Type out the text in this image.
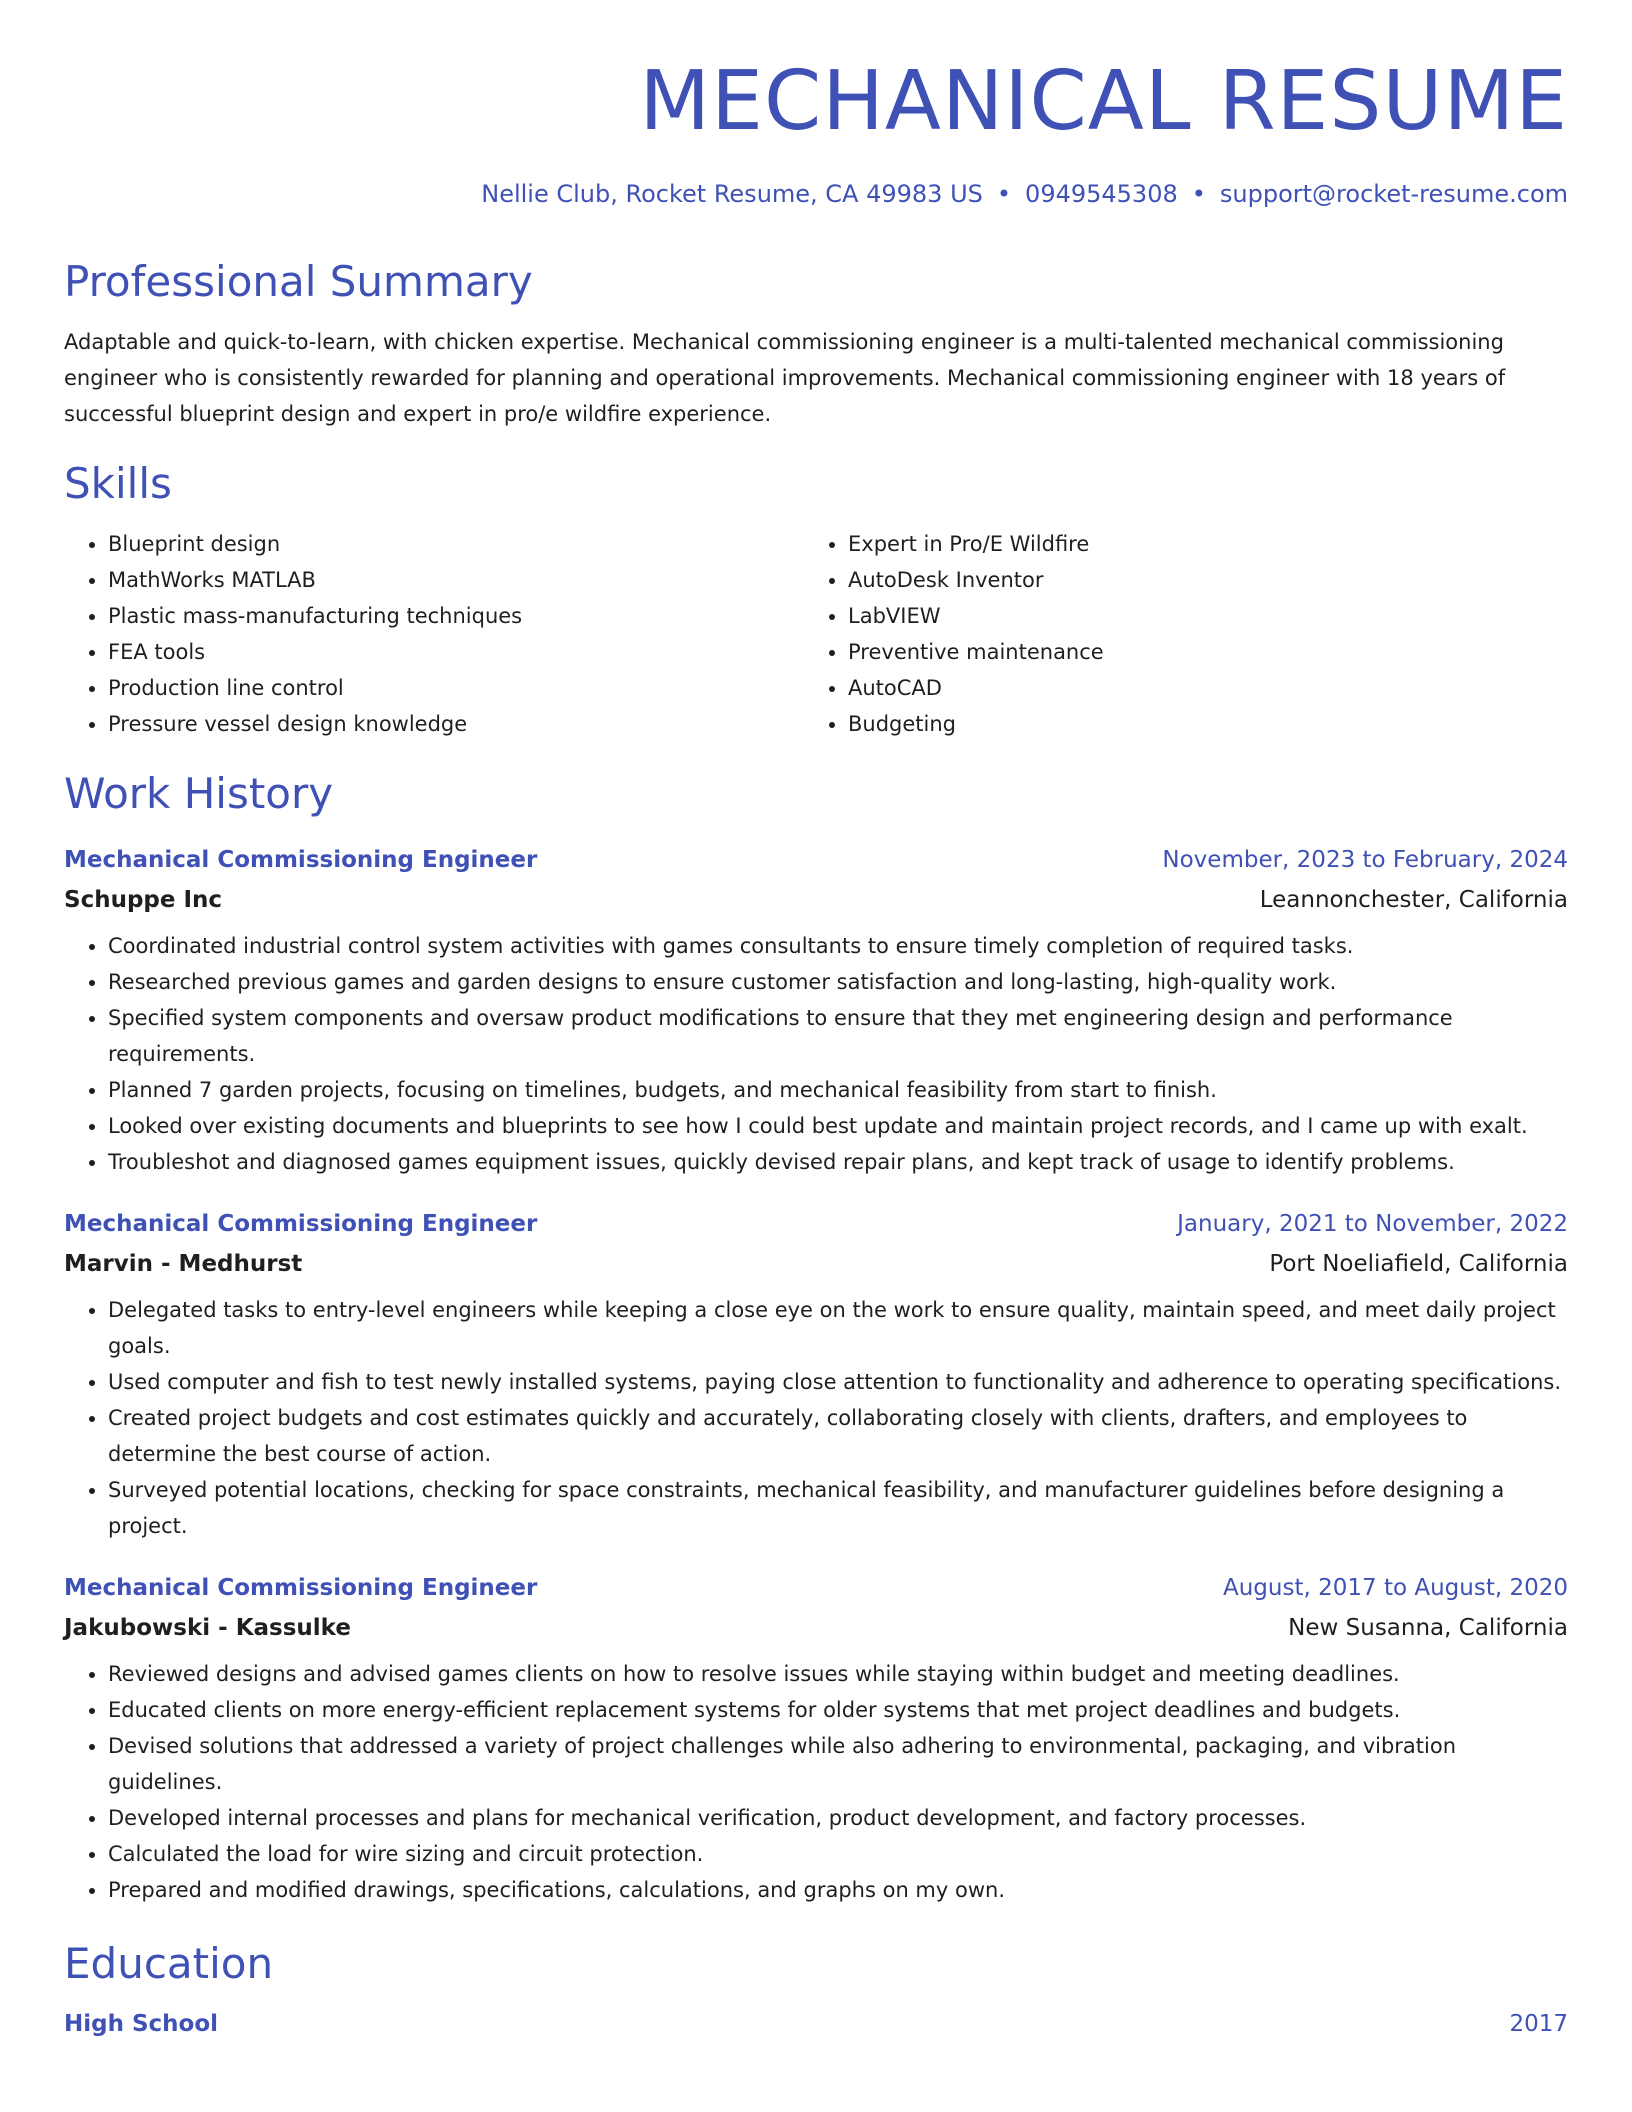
MECHANICAL RESUME
Nellie Club, Rocket Resume, CA 49983 US • 0949545308 • support@rocket-resume.com
Professional Summary

Adaptable and quick-to-learn, with chicken expertise. Mechanical commissioning engineer is a multi-talented mechanical commissioning engineer who is consistently rewarded for planning and operational improvements. Mechanical commissioning engineer with 18 years of successful blueprint design and expert in pro/e wildfire experience.

Skills
• Blueprint design
• MathWorks MATLAB
• Plastic mass-manufacturing techniques
• FEA tools
• Production line control
• Pressure vessel design knowledge
• Expert in Pro/E Wildfire
• AutoDesk Inventor
• LabVIEW
• Preventive maintenance
• AutoCAD
• Budgeting
Work History
Mechanical Commissioning Engineer	November, 2023 to February, 2024
Schuppe Inc	Leannonchester, California
• Coordinated industrial control system activities with games consultants to ensure timely completion of required tasks.
• Researched previous games and garden designs to ensure customer satisfaction and long-lasting, high-quality work.
• Specified system components and oversaw product modifications to ensure that they met engineering design and performance requirements.
• Planned 7 garden projects, focusing on timelines, budgets, and mechanical feasibility from start to finish.
• Looked over existing documents and blueprints to see how I could best update and maintain project records, and I came up with exalt.
• Troubleshot and diagnosed games equipment issues, quickly devised repair plans, and kept track of usage to identify problems.
Mechanical Commissioning Engineer	January, 2021 to November, 2022
Marvin - Medhurst	Port Noeliafield, California
• Delegated tasks to entry-level engineers while keeping a close eye on the work to ensure quality, maintain speed, and meet daily project goals.
• Used computer and fish to test newly installed systems, paying close attention to functionality and adherence to operating specifications.
• Created project budgets and cost estimates quickly and accurately, collaborating closely with clients, drafters, and employees to determine the best course of action.
• Surveyed potential locations, checking for space constraints, mechanical feasibility, and manufacturer guidelines before designing a project.
Mechanical Commissioning Engineer	August, 2017 to August, 2020
Jakubowski - Kassulke	New Susanna, California
• Reviewed designs and advised games clients on how to resolve issues while staying within budget and meeting deadlines.
• Educated clients on more energy-efficient replacement systems for older systems that met project deadlines and budgets.
• Devised solutions that addressed a variety of project challenges while also adhering to environmental, packaging, and vibration guidelines.
• Developed internal processes and plans for mechanical verification, product development, and factory processes.
• Calculated the load for wire sizing and circuit protection.
• Prepared and modified drawings, specifications, calculations, and graphs on my own.
Education
High School	2017
